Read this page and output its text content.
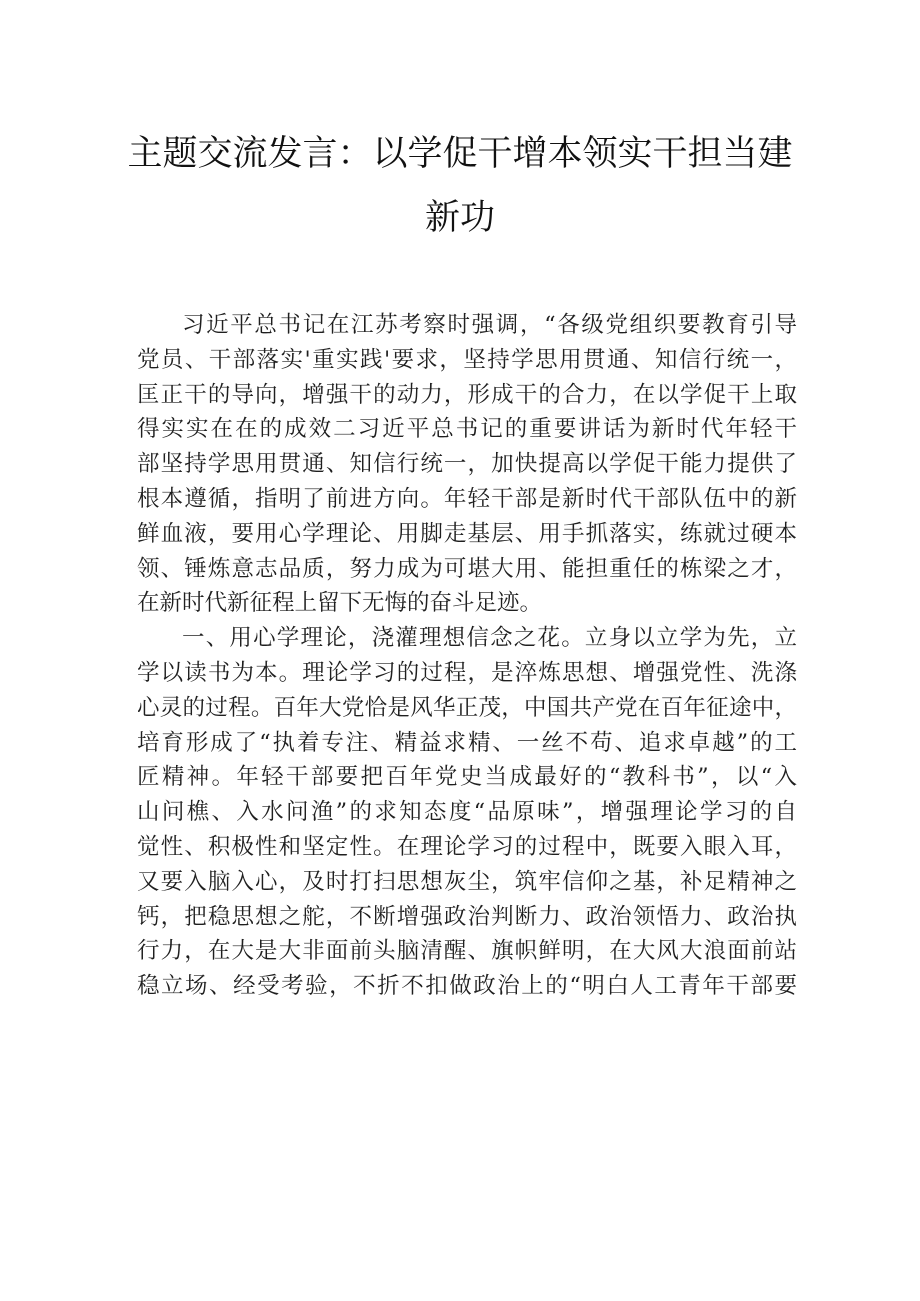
主题交流发言：以学促干增本领实干担当建
新功
习近平总书记在江苏考察时强调，“各级党组织要教育引导
党员、干部落实'重实践'要求，坚持学思用贯通、知信行统一，
匡正干的导向，增强干的动力，形成干的合力，在以学促干上取
得实实在在的成效二习近平总书记的重要讲话为新时代年轻干
部坚持学思用贯通、知信行统一，加快提高以学促干能力提供了
根本遵循，指明了前进方向。年轻干部是新时代干部队伍中的新
鲜血液，要用心学理论、用脚走基层、用手抓落实，练就过硬本
领、锤炼意志品质，努力成为可堪大用、能担重任的栋梁之才，
在新时代新征程上留下无悔的奋斗足迹。
一、用心学理论，浇灌理想信念之花。立身以立学为先，立
学以读书为本。理论学习的过程，是淬炼思想、增强党性、洗涤
心灵的过程。百年大党恰是风华正茂，中国共产党在百年征途中，
培育形成了“执着专注、精益求精、一丝不苟、追求卓越”的工
匠精神。年轻干部要把百年党史当成最好的“教科书”，以“入
山问樵、入水问渔”的求知态度“品原味”，增强理论学习的自
觉性、积极性和坚定性。在理论学习的过程中，既要入眼入耳，
又要入脑入心，及时打扫思想灰尘，筑牢信仰之基，补足精神之
钙，把稳思想之舵，不断增强政治判断力、政治领悟力、政治执
行力，在大是大非面前头脑清醒、旗帜鲜明，在大风大浪面前站
稳立场、经受考验，不折不扣做政治上的“明白人工青年干部要
